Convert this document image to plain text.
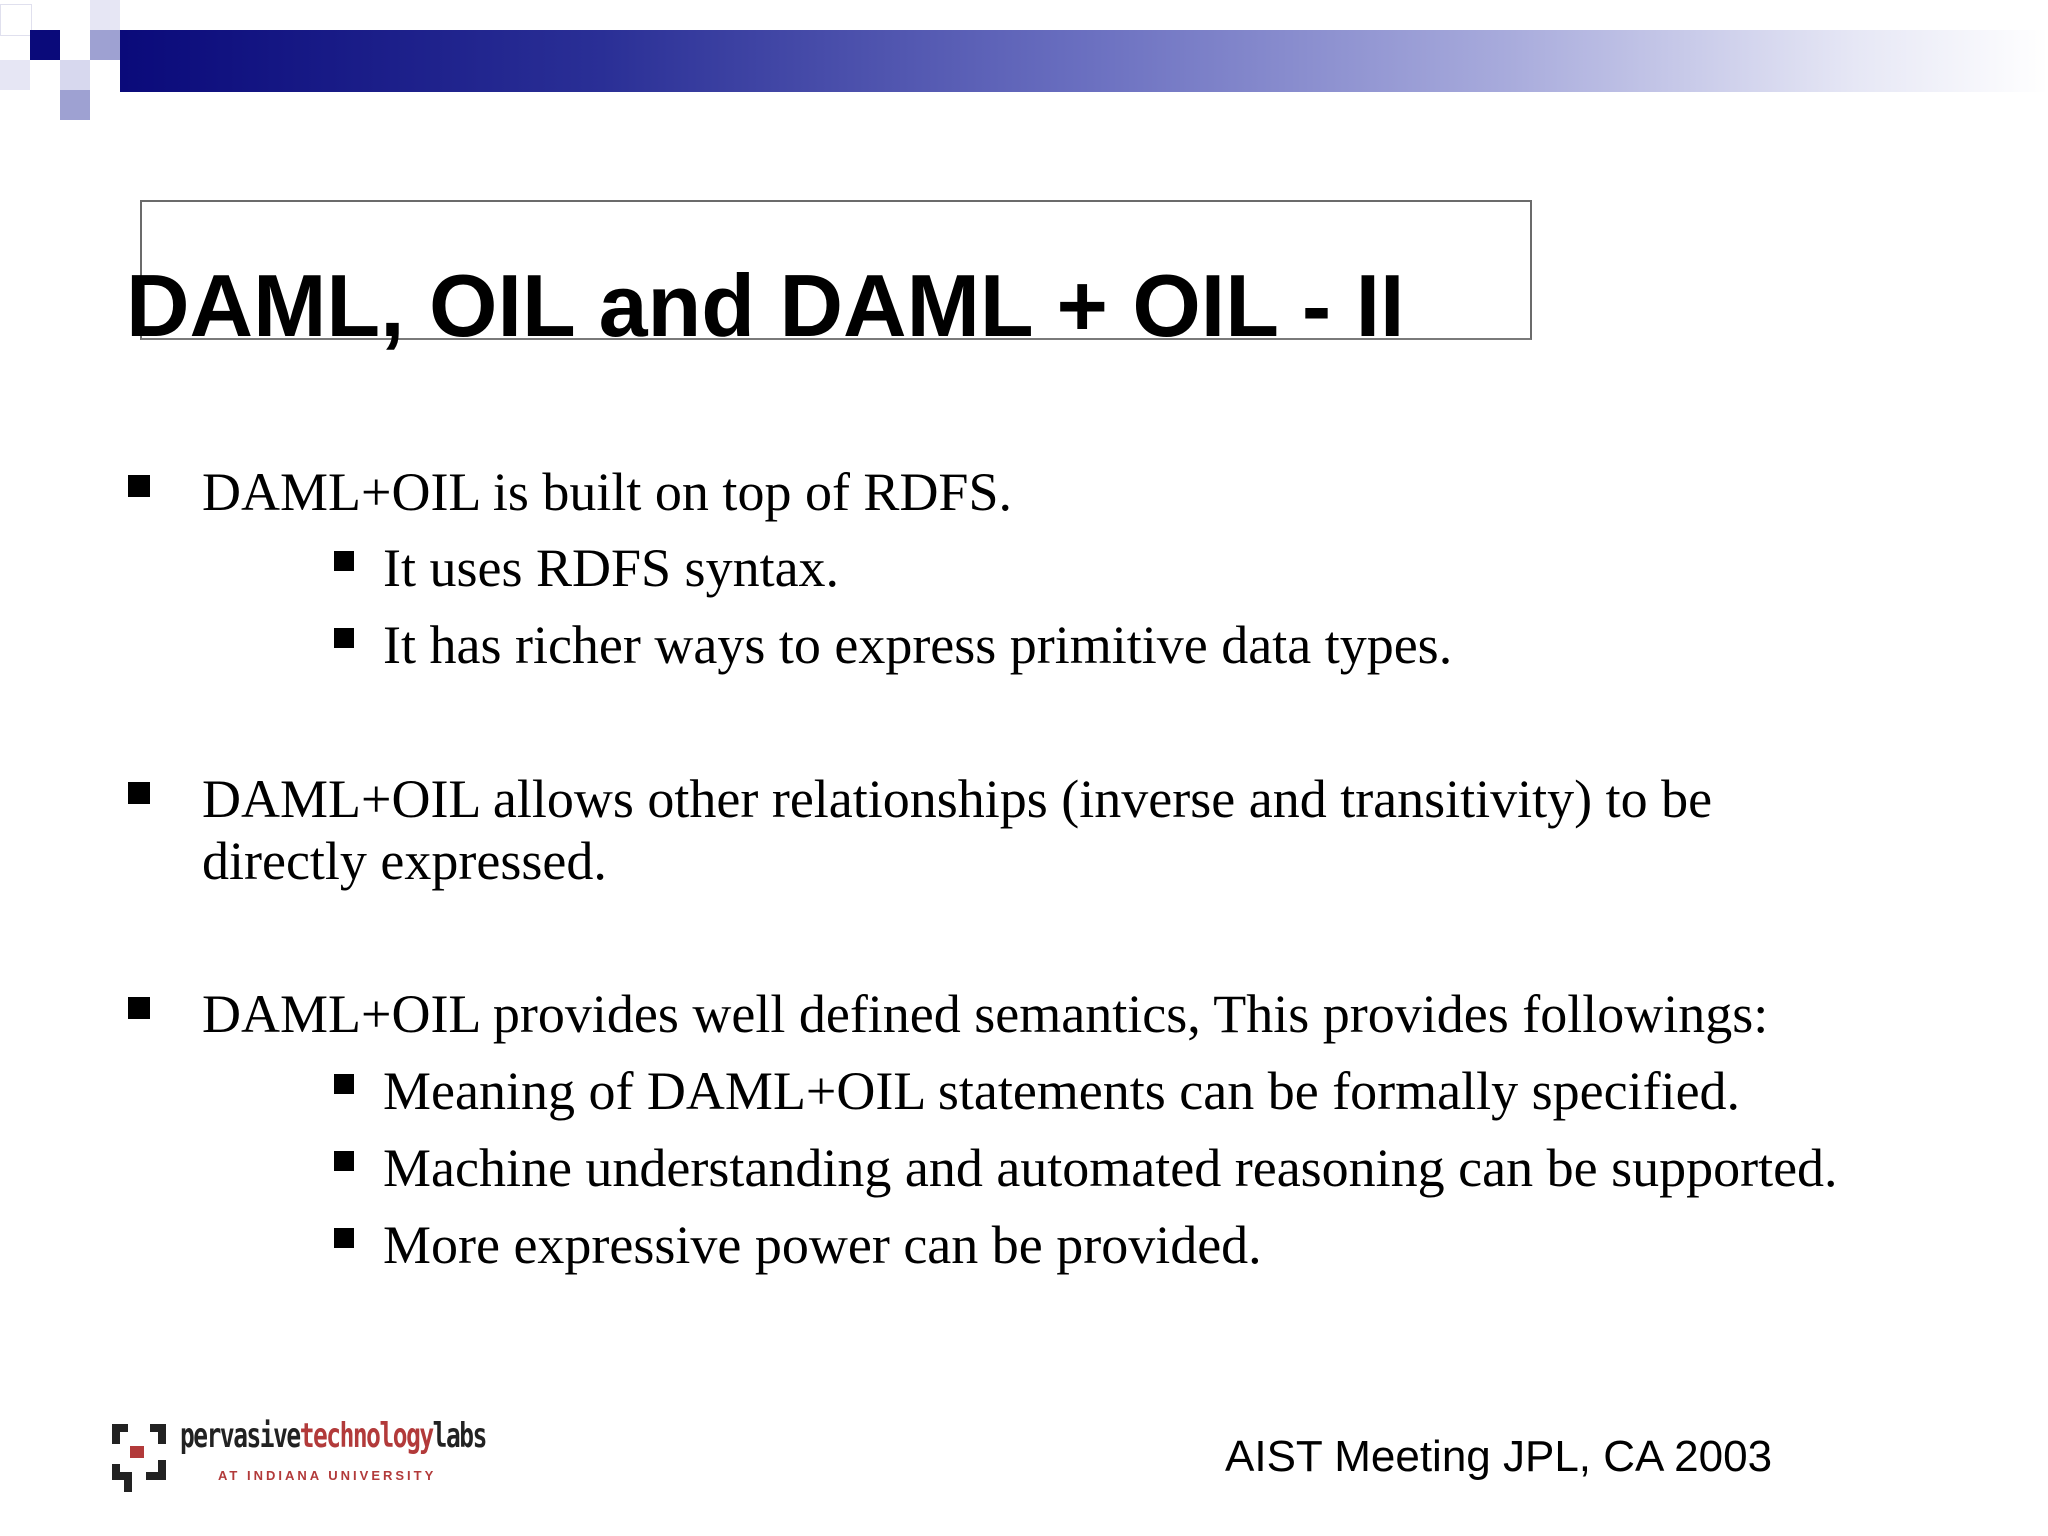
DAML, OIL and DAML + OIL - II
DAML+OIL is built on top of RDFS.
It uses RDFS syntax.
It has richer ways to express primitive data types.
DAML+OIL allows other relationships (inverse and transitivity) to be
directly expressed.
DAML+OIL provides well defined semantics, This provides followings:
Meaning of DAML+OIL statements can be formally specified.
Machine understanding and automated reasoning can be supported.
More expressive power can be provided.
pervasivetechnologylabs
AT INDIANA UNIVERSITY	AIST Meeting JPL, CA 2003
